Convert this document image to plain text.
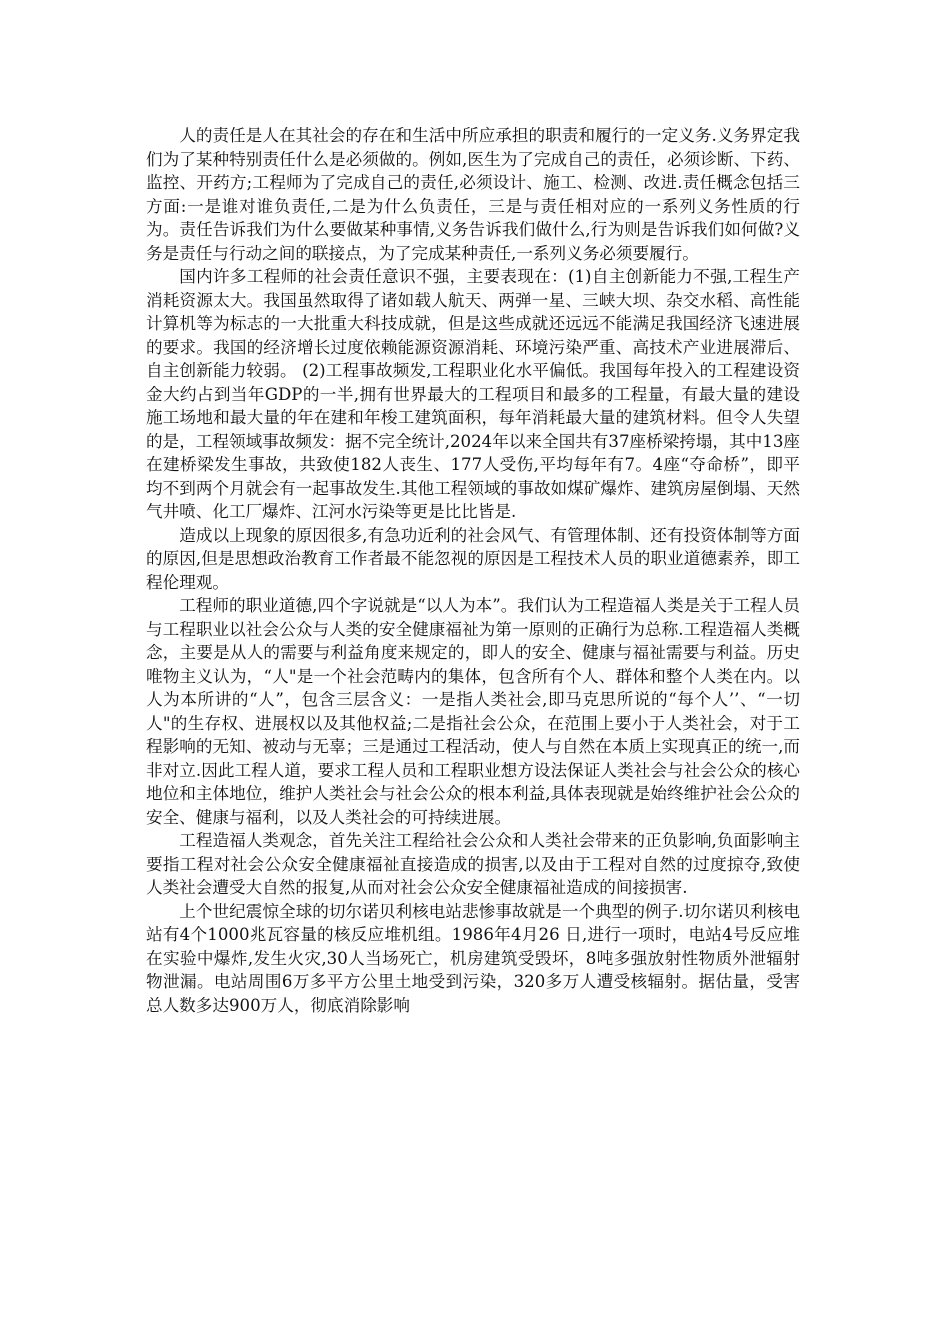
人的责任是人在其社会的存在和生活中所应承担的职责和履行的一定义务.义务界定我们为了某种特别责任什么是必须做的。例如,医生为了完成自己的责任，必须诊断、下药、监控、开药方;工程师为了完成自己的责任,必须设计、施工、检测、改进.责任概念包括三方面:一是谁对谁负责任,二是为什么负责任，三是与责任相对应的一系列义务性质的行为。责任告诉我们为什么要做某种事情,义务告诉我们做什么,行为则是告诉我们如何做?义务是责任与行动之间的联接点，为了完成某种责任,一系列义务必须要履行。

国内许多工程师的社会责任意识不强，主要表现在：(1)自主创新能力不强,工程生产消耗资源太大。我国虽然取得了诸如载人航天、两弹一星、三峡大坝、杂交水稻、高性能计算机等为标志的一大批重大科技成就，但是这些成就还远远不能满足我国经济飞速进展的要求。我国的经济增长过度依赖能源资源消耗、环境污染严重、高技术产业进展滞后、自主创新能力较弱。 (2)工程事故频发,工程职业化水平偏低。我国每年投入的工程建设资金大约占到当年GDP的一半,拥有世界最大的工程项目和最多的工程量，有最大量的建设施工场地和最大量的年在建和年梭工建筑面积，每年消耗最大量的建筑材料。但令人失望的是，工程领域事故频发：据不完全统计,2024年以来全国共有37座桥梁挎塌，其中13座在建桥梁发生事故，共致使182人丧生、177人受伤,平均每年有7。4座“夺命桥”，即平均不到两个月就会有一起事故发生.其他工程领域的事故如煤矿爆炸、建筑房屋倒塌、天然气井喷、化工厂爆炸、江河水污染等更是比比皆是.

造成以上现象的原因很多,有急功近利的社会风气、有管理体制、还有投资体制等方面的原因,但是思想政治教育工作者最不能忽视的原因是工程技术人员的职业道德素养，即工程伦理观。

工程师的职业道德,四个字说就是“以人为本”。我们认为工程造福人类是关于工程人员与工程职业以社会公众与人类的安全健康福祉为第一原则的正确行为总称.工程造福人类概念，主要是从人的需要与利益角度来规定的，即人的安全、健康与福祉需要与利益。历史唯物主义认为，“人"是一个社会范畴内的集体，包含所有个人、群体和整个人类在内。以人为本所讲的“人”，包含三层含义：一是指人类社会,即马克思所说的“每个人’’、“一切人"的生存权、进展权以及其他权益;二是指社会公众，在范围上要小于人类社会，对于工程影响的无知、被动与无辜；三是通过工程活动，使人与自然在本质上实现真正的统一,而非对立.因此工程人道，要求工程人员和工程职业想方设法保证人类社会与社会公众的核心地位和主体地位，维护人类社会与社会公众的根本利益,具体表现就是始终维护社会公众的安全、健康与福利，以及人类社会的可持续进展。

工程造福人类观念，首先关注工程给社会公众和人类社会带来的正负影响,负面影响主要指工程对社会公众安全健康福祉直接造成的损害,以及由于工程对自然的过度掠夺,致使人类社会遭受大自然的报复,从而对社会公众安全健康福祉造成的间接损害.

上个世纪震惊全球的切尔诺贝利核电站悲惨事故就是一个典型的例子.切尔诺贝利核电站有4个1000兆瓦容量的核反应堆机组。1986年4月26 日,进行一项时，电站4号反应堆在实验中爆炸,发生火灾,30人当场死亡，机房建筑受毁坏，8吨多强放射性物质外泄辐射物泄漏。电站周围6万多平方公里土地受到污染，320多万人遭受核辐射。据估量，受害总人数多达900万人，彻底消除影响
